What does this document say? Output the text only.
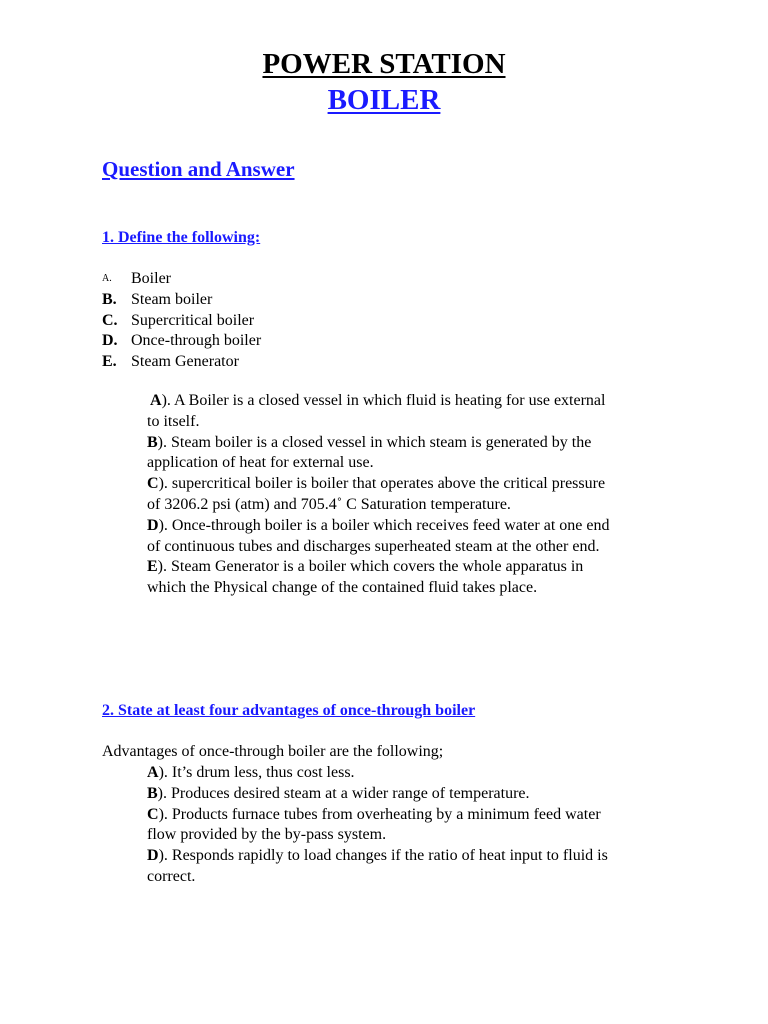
POWER STATION
BOILER
Question and Answer
1. Define the following:
A.	Boiler
B. Steam boiler
C. Supercritical boiler
D. Once-through boiler
E. Steam Generator

A). A Boiler is a closed vessel in which fluid is heating for use external to itself.

B). Steam boiler is a closed vessel in which steam is generated by the application of heat for external use.

C). supercritical boiler is boiler that operates above the critical pressure of 3206.2 psi (atm) and 705.4˚ C Saturation temperature.

D). Once-through boiler is a boiler which receives feed water at one end of continuous tubes and discharges superheated steam at the other end.

E). Steam Generator is a boiler which covers the whole apparatus in which the Physical change of the contained fluid takes place.

2. State at least four advantages of once-through boiler
Advantages of once-through boiler are the following;

A). It’s drum less, thus cost less.

B). Produces desired steam at a wider range of temperature.

C). Products furnace tubes from overheating by a minimum feed water flow provided by the by-pass system.

D). Responds rapidly to load changes if the ratio of heat input to fluid is correct.
